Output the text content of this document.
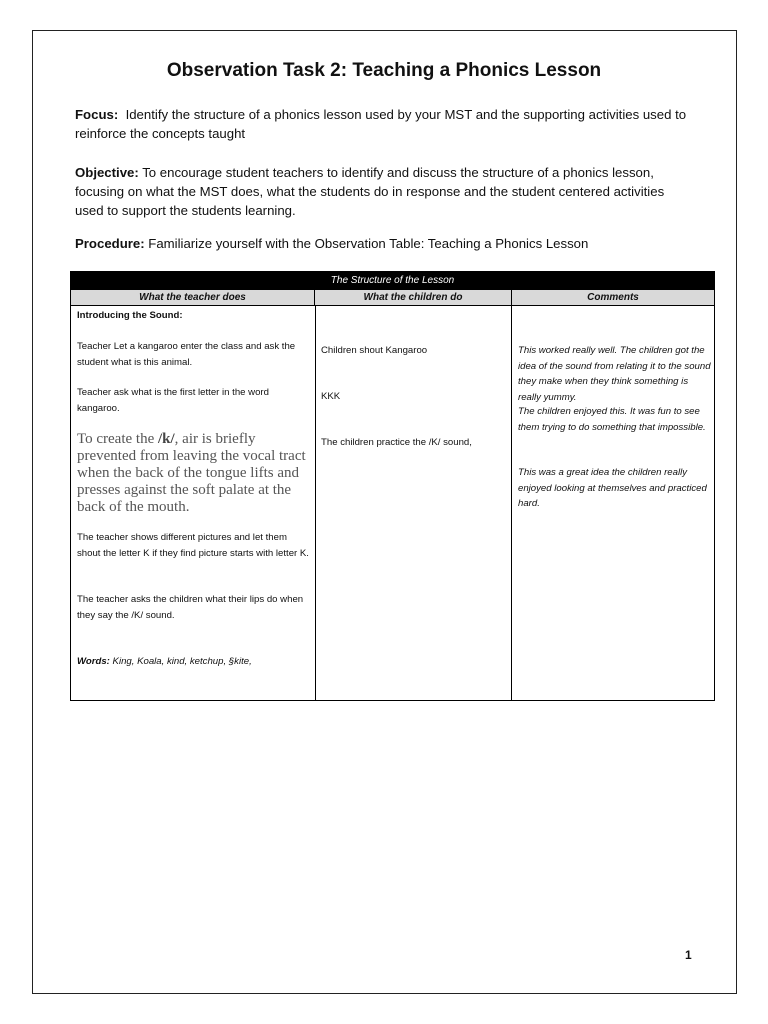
Observation Task 2: Teaching a Phonics Lesson
Focus: Identify the structure of a phonics lesson used by your MST and the supporting activities used to reinforce the concepts taught
Objective: To encourage student teachers to identify and discuss the structure of a phonics lesson, focusing on what the MST does, what the students do in response and the student centered activities used to support the students learning.
Procedure: Familiarize yourself with the Observation Table: Teaching a Phonics Lesson
The Structure of the Lesson
What the teacher does	What the children do	Comments
Introducing the Sound:
Teacher Let a kangaroo enter the class and ask the student what is this animal.
Teacher ask what is the first letter in the word kangaroo.
To create the /k/, air is briefly prevented from leaving the vocal tract when the back of the tongue lifts and presses against the soft palate at the back of the mouth.
The teacher shows different pictures and let them shout the letter K if they find picture starts with letter K.
The teacher asks the children what their lips do when they say the /K/ sound.
Words: King, Koala, kind, ketchup, §kite,
Children shout Kangaroo
KKK
The children practice the /K/ sound,
This worked really well. The children got the idea of the sound from relating it to the sound they make when they think something is really yummy.
The children enjoyed this. It was fun to see them trying to do something that impossible.
This was a great idea the children really enjoyed looking at themselves and practiced hard.
1
